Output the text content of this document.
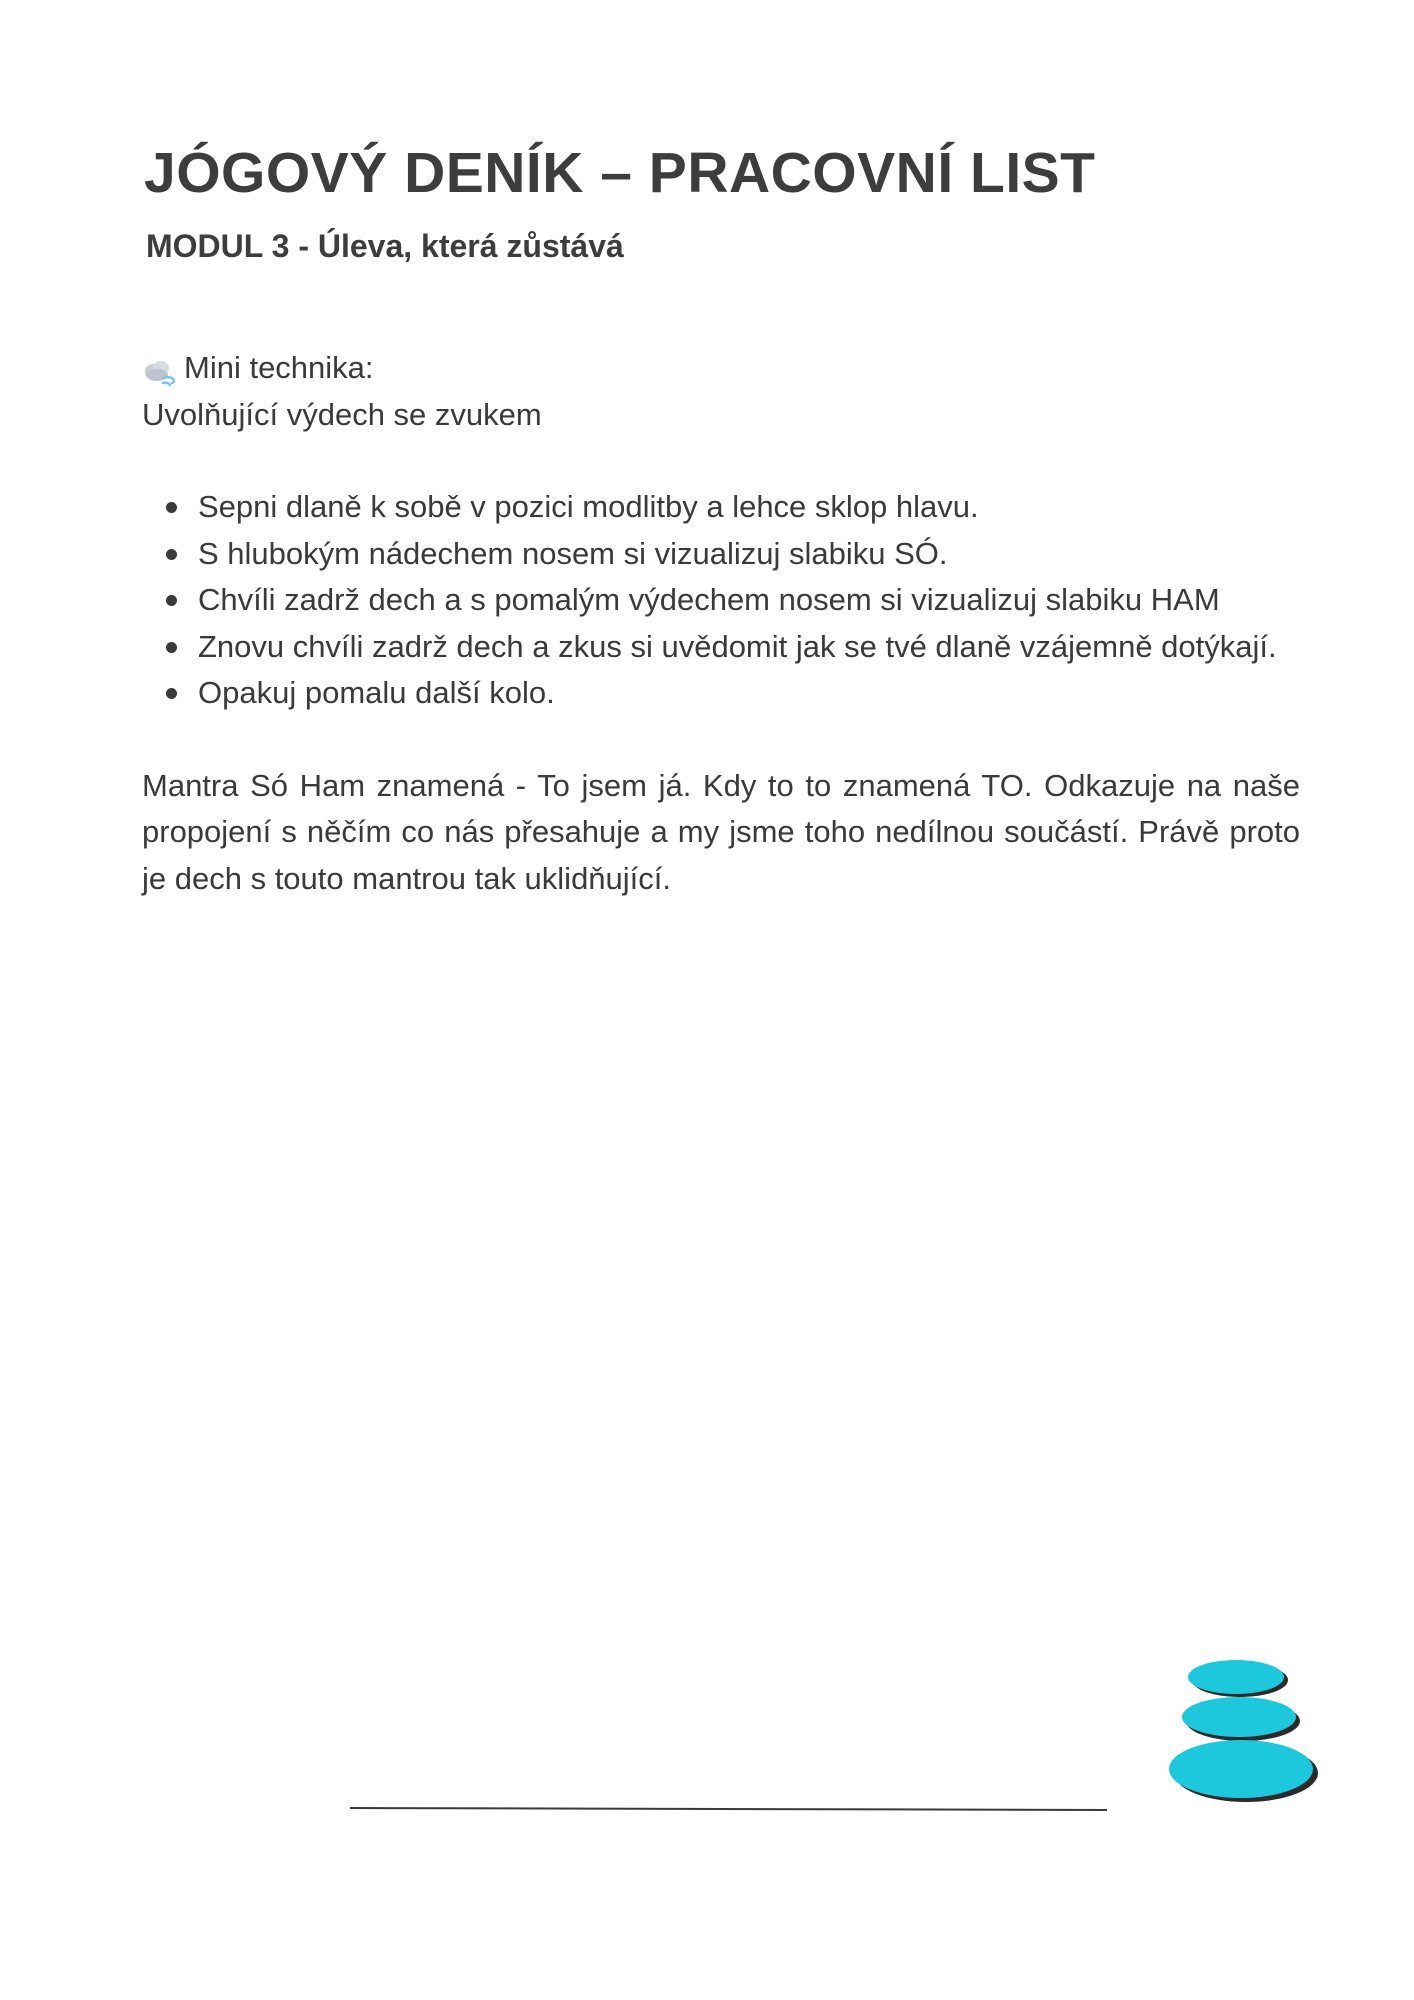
JÓGOVÝ DENÍK – PRACOVNÍ LIST
MODUL 3 - Úleva, která zůstává

Mini technika:

Uvolňující výdech se zvukem

Sepni dlaně k sobě v pozici modlitby a lehce sklop hlavu.
S hlubokým nádechem nosem si vizualizuj slabiku SÓ.
Chvíli zadrž dech a s pomalým výdechem nosem si vizualizuj slabiku HAM
Znovu chvíli zadrž dech a zkus si uvědomit jak se tvé dlaně vzájemně dotýkají.
Opakuj pomalu další kolo.

Mantra Só Ham znamená - To jsem já. Kdy to to znamená TO. Odkazuje na naše propojení s něčím co nás přesahuje a my jsme toho nedílnou součástí. Právě proto je dech s touto mantrou tak uklidňující.
